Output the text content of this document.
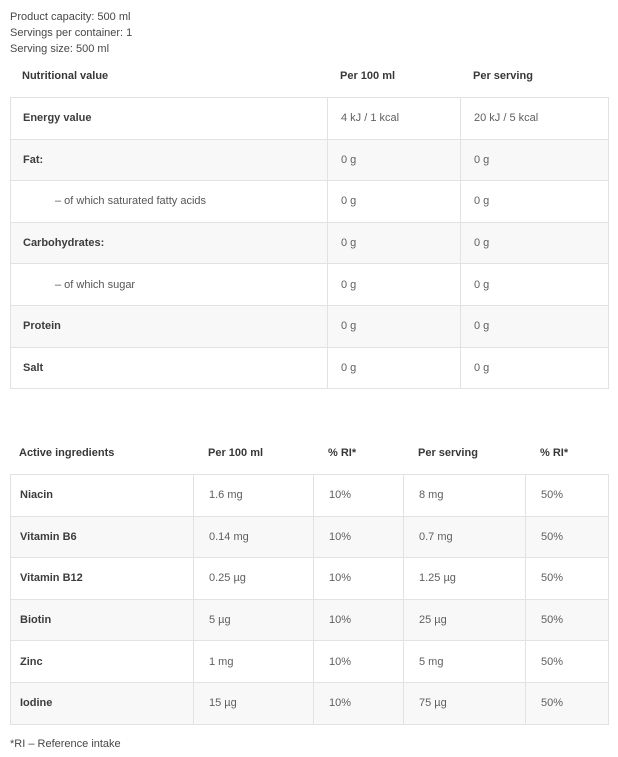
Product capacity: 500 ml
Servings per container: 1
Serving size: 500 ml
Nutritional value	Per 100 ml	Per serving
Energy value	4 kJ / 1 kcal	20 kJ / 5 kcal
Fat:	0 g	0 g
– of which saturated fatty acids	0 g	0 g
Carbohydrates:	0 g	0 g
– of which sugar	0 g	0 g
Protein	0 g	0 g
Salt	0 g	0 g
Active ingredients	Per 100 ml	% RI*	Per serving	% RI*
Niacin	1.6 mg	10%	8 mg	50%
Vitamin B6	0.14 mg	10%	0.7 mg	50%
Vitamin B12	0.25 µg	10%	1.25 µg	50%
Biotin	5 µg	10%	25 µg	50%
Zinc	1 mg	10%	5 mg	50%
Iodine	15 µg	10%	75 µg	50%
*RI – Reference intake
